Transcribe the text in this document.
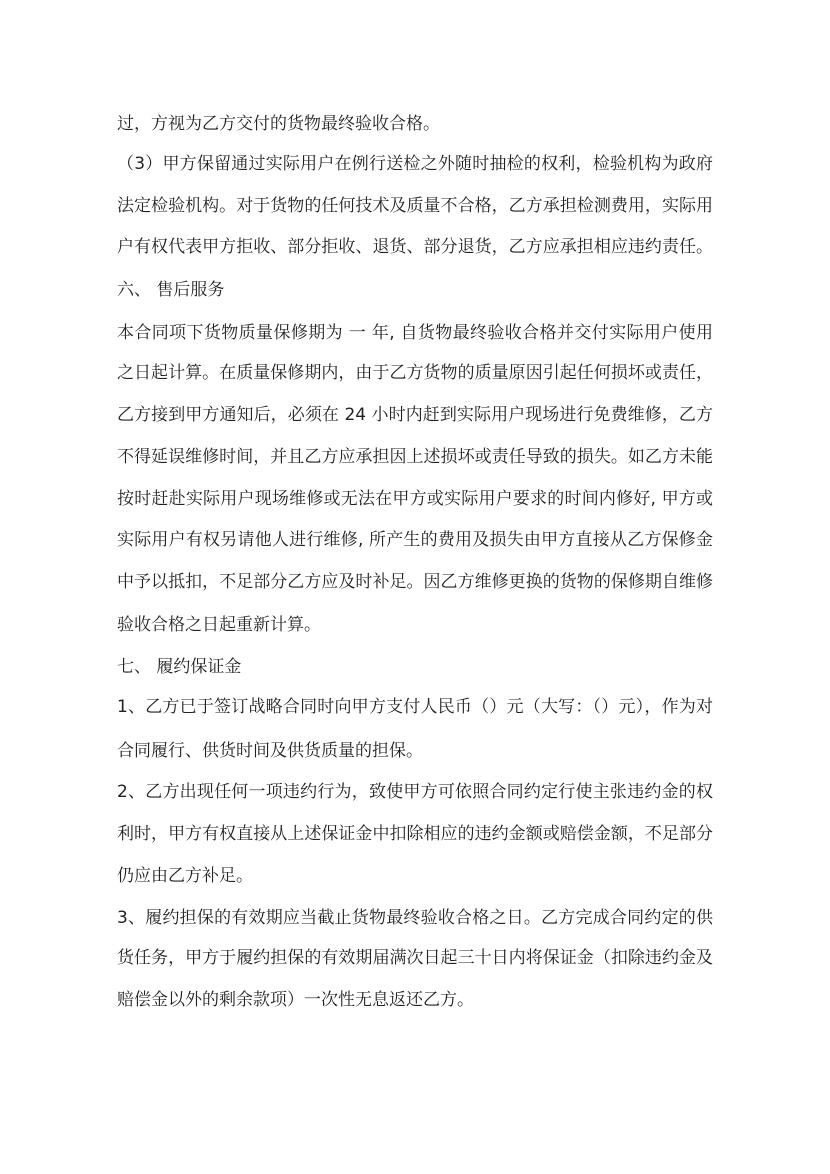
过，方视为乙方交付的货物最终验收合格。
（3）甲方保留通过实际用户在例行送检之外随时抽检的权利，检验机构为政府
法定检验机构。对于货物的任何技术及质量不合格，乙方承担检测费用，实际用
户有权代表甲方拒收、部分拒收、退货、部分退货，乙方应承担相应违约责任。
六、 售后服务
本合同项下货物质量保修期为 一 年, 自货物最终验收合格并交付实际用户使用
之日起计算。在质量保修期内，由于乙方货物的质量原因引起任何损坏或责任，
乙方接到甲方通知后，必须在 24 小时内赶到实际用户现场进行免费维修，乙方
不得延误维修时间，并且乙方应承担因上述损坏或责任导致的损失。如乙方未能
按时赶赴实际用户现场维修或无法在甲方或实际用户要求的时间内修好, 甲方或
实际用户有权另请他人进行维修, 所产生的费用及损失由甲方直接从乙方保修金
中予以抵扣，不足部分乙方应及时补足。因乙方维修更换的货物的保修期自维修
验收合格之日起重新计算。
七、 履约保证金
1、乙方已于签订战略合同时向甲方支付人民币（）元（大写：（）元），作为对
合同履行、供货时间及供货质量的担保。
2、乙方出现任何一项违约行为，致使甲方可依照合同约定行使主张违约金的权
利时，甲方有权直接从上述保证金中扣除相应的违约金额或赔偿金额，不足部分
仍应由乙方补足。
3、履约担保的有效期应当截止货物最终验收合格之日。乙方完成合同约定的供
货任务，甲方于履约担保的有效期届满次日起三十日内将保证金（扣除违约金及
赔偿金以外的剩余款项）一次性无息返还乙方。
